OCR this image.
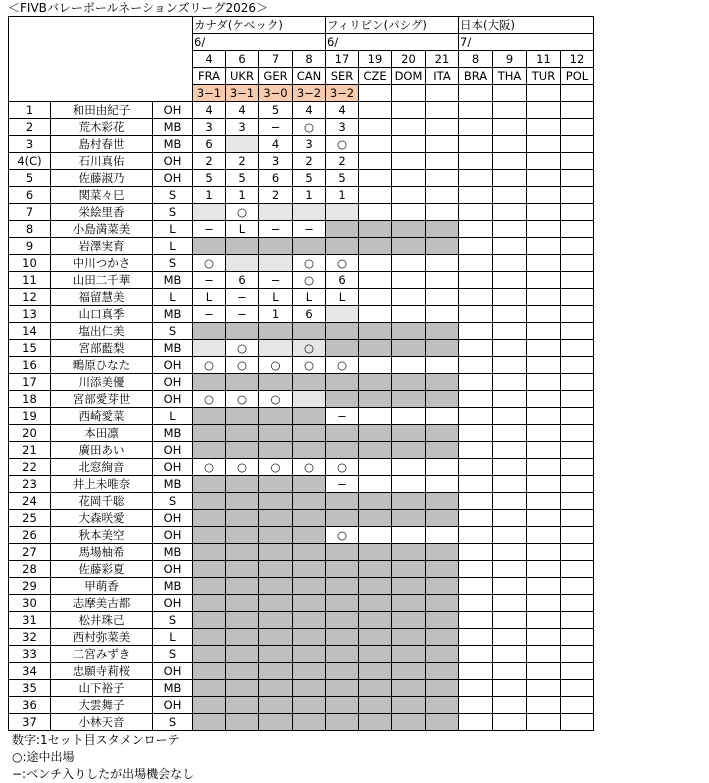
＜FIVBバレーボールネーションズリーグ2026＞
			カナダ(ケベック)				フィリピン(パシグ)				日本(大阪)			
			6/				6/				7/			
			4	6	7	8	17	19	20	21	8	9	11	12
			FRA	UKR	GER	CAN	SER	CZE	DOM	ITA	BRA	THA	TUR	POL
			3−1	3−1	3−0	3−2	3−2							
1	和田由紀子	OH	4	4	5	4	4							
2	荒木彩花	MB	3	3	−	○	3							
3	島村春世	MB	6		4	3	○							
4(C)	石川真佑	OH	2	2	3	2	2							
5	佐藤淑乃	OH	5	5	6	5	5							
6	関菜々巳	S	1	1	2	1	1							
7	栄絵里香	S		○										
8	小島満菜美	L	−	L	−	−								
9	岩澤実育	L												
10	中川つかさ	S	○			○	○							
11	山田二千華	MB	−	6	−	○	6							
12	福留慧美	L	L	−	L	L	L							
13	山口真季	MB	−	−	1	6								
14	塩出仁美	S												
15	宮部藍梨	MB		○		○								
16	鴫原ひなた	OH	○	○	○	○	○							
17	川添美優	OH												
18	宮部愛芽世	OH	○	○	○									
19	西崎愛菜	L					−							
20	本田凛	MB												
21	廣田あい	OH												
22	北窓絢音	OH	○	○	○	○	○							
23	井上未唯奈	MB					−							
24	花岡千聡	S												
25	大森咲愛	OH												
26	秋本美空	OH					○							
27	馬場柚希	MB												
28	佐藤彩夏	OH												
29	甲萌香	MB												
30	志摩美古都	OH												
31	松井珠己	S												
32	西村弥菜美	L												
33	二宮みずき	S												
34	忠願寺莉桜	OH												
35	山下裕子	MB												
36	大雲舞子	OH												
37	小林天音	S												
数字:1セット目スタメンローテ
○:途中出場
−:ベンチ入りしたが出場機会なし
